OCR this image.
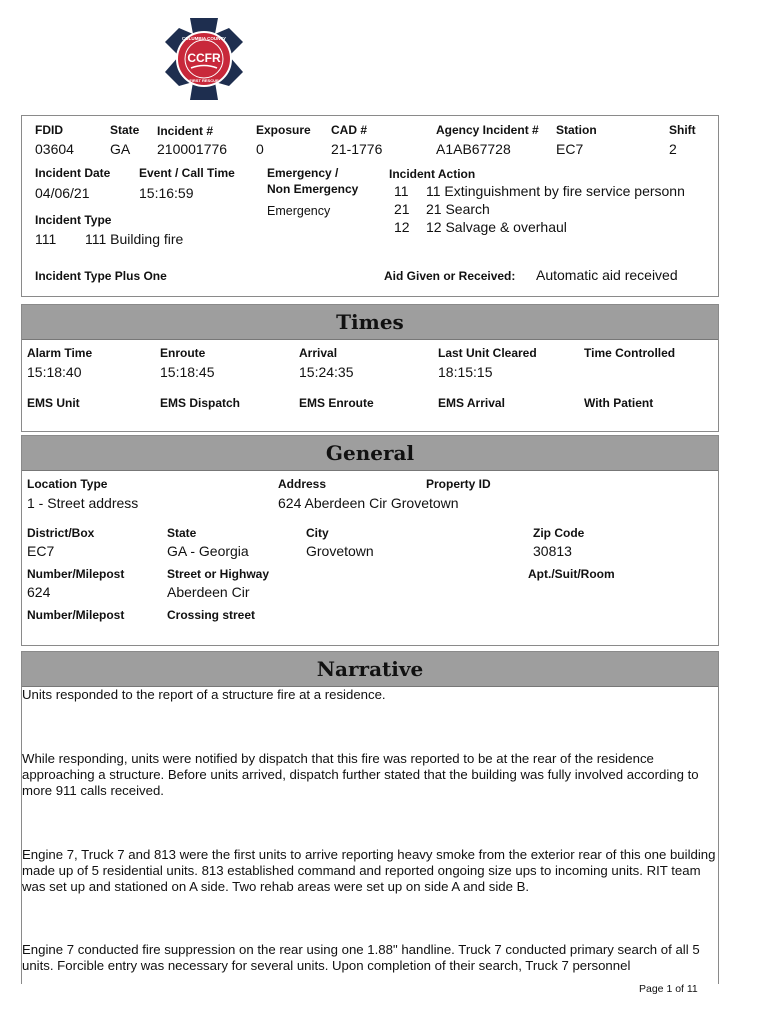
COLUMBIA COUNTY
CCFR
FIRST RESCUE
FDID
03604
State
GA
Incident #
210001776
Exposure
0
CAD #
21-1776
Agency Incident #
A1AB67728
Station
EC7
Shift
2
Incident Date
04/06/21
Event / Call Time
15:16:59
Emergency /
Non Emergency
Emergency
Incident Action
11 11 Extinguishment by fire service personn
21 21 Search
12 12 Salvage & overhaul
Incident Type
111 111 Building fire
Incident Type Plus One	Aid Given or Received: Automatic aid received
Times
Alarm Time
15:18:40
Enroute
15:18:45
Arrival
15:24:35
Last Unit Cleared
18:15:15
Time Controlled
EMS Unit	EMS Dispatch	EMS Enroute	EMS Arrival	With Patient
General
Location Type
1 - Street address
Address
624 Aberdeen Cir Grovetown
Property ID
District/Box
EC7
State
GA - Georgia
City
Grovetown
Zip Code
30813
Number/Milepost
624
Street or Highway
Aberdeen Cir
Apt./Suit/Room
Number/Milepost	Crossing street
Narrative
Units responded to the report of a structure fire at a residence.
While responding, units were notified by dispatch that this fire was reported to be at the rear of the residence approaching a structure. Before units arrived, dispatch further stated that the building was fully involved according to more 911 calls received.
Engine 7, Truck 7 and 813 were the first units to arrive reporting heavy smoke from the exterior rear of this one building made up of 5 residential units. 813 established command and reported ongoing size ups to incoming units. RIT team was set up and stationed on A side. Two rehab areas were set up on side A and side B.
Engine 7 conducted fire suppression on the rear using one 1.88" handline. Truck 7 conducted primary search of all 5 units. Forcible entry was necessary for several units. Upon completion of their search, Truck 7 personnel
Page 1 of 11
